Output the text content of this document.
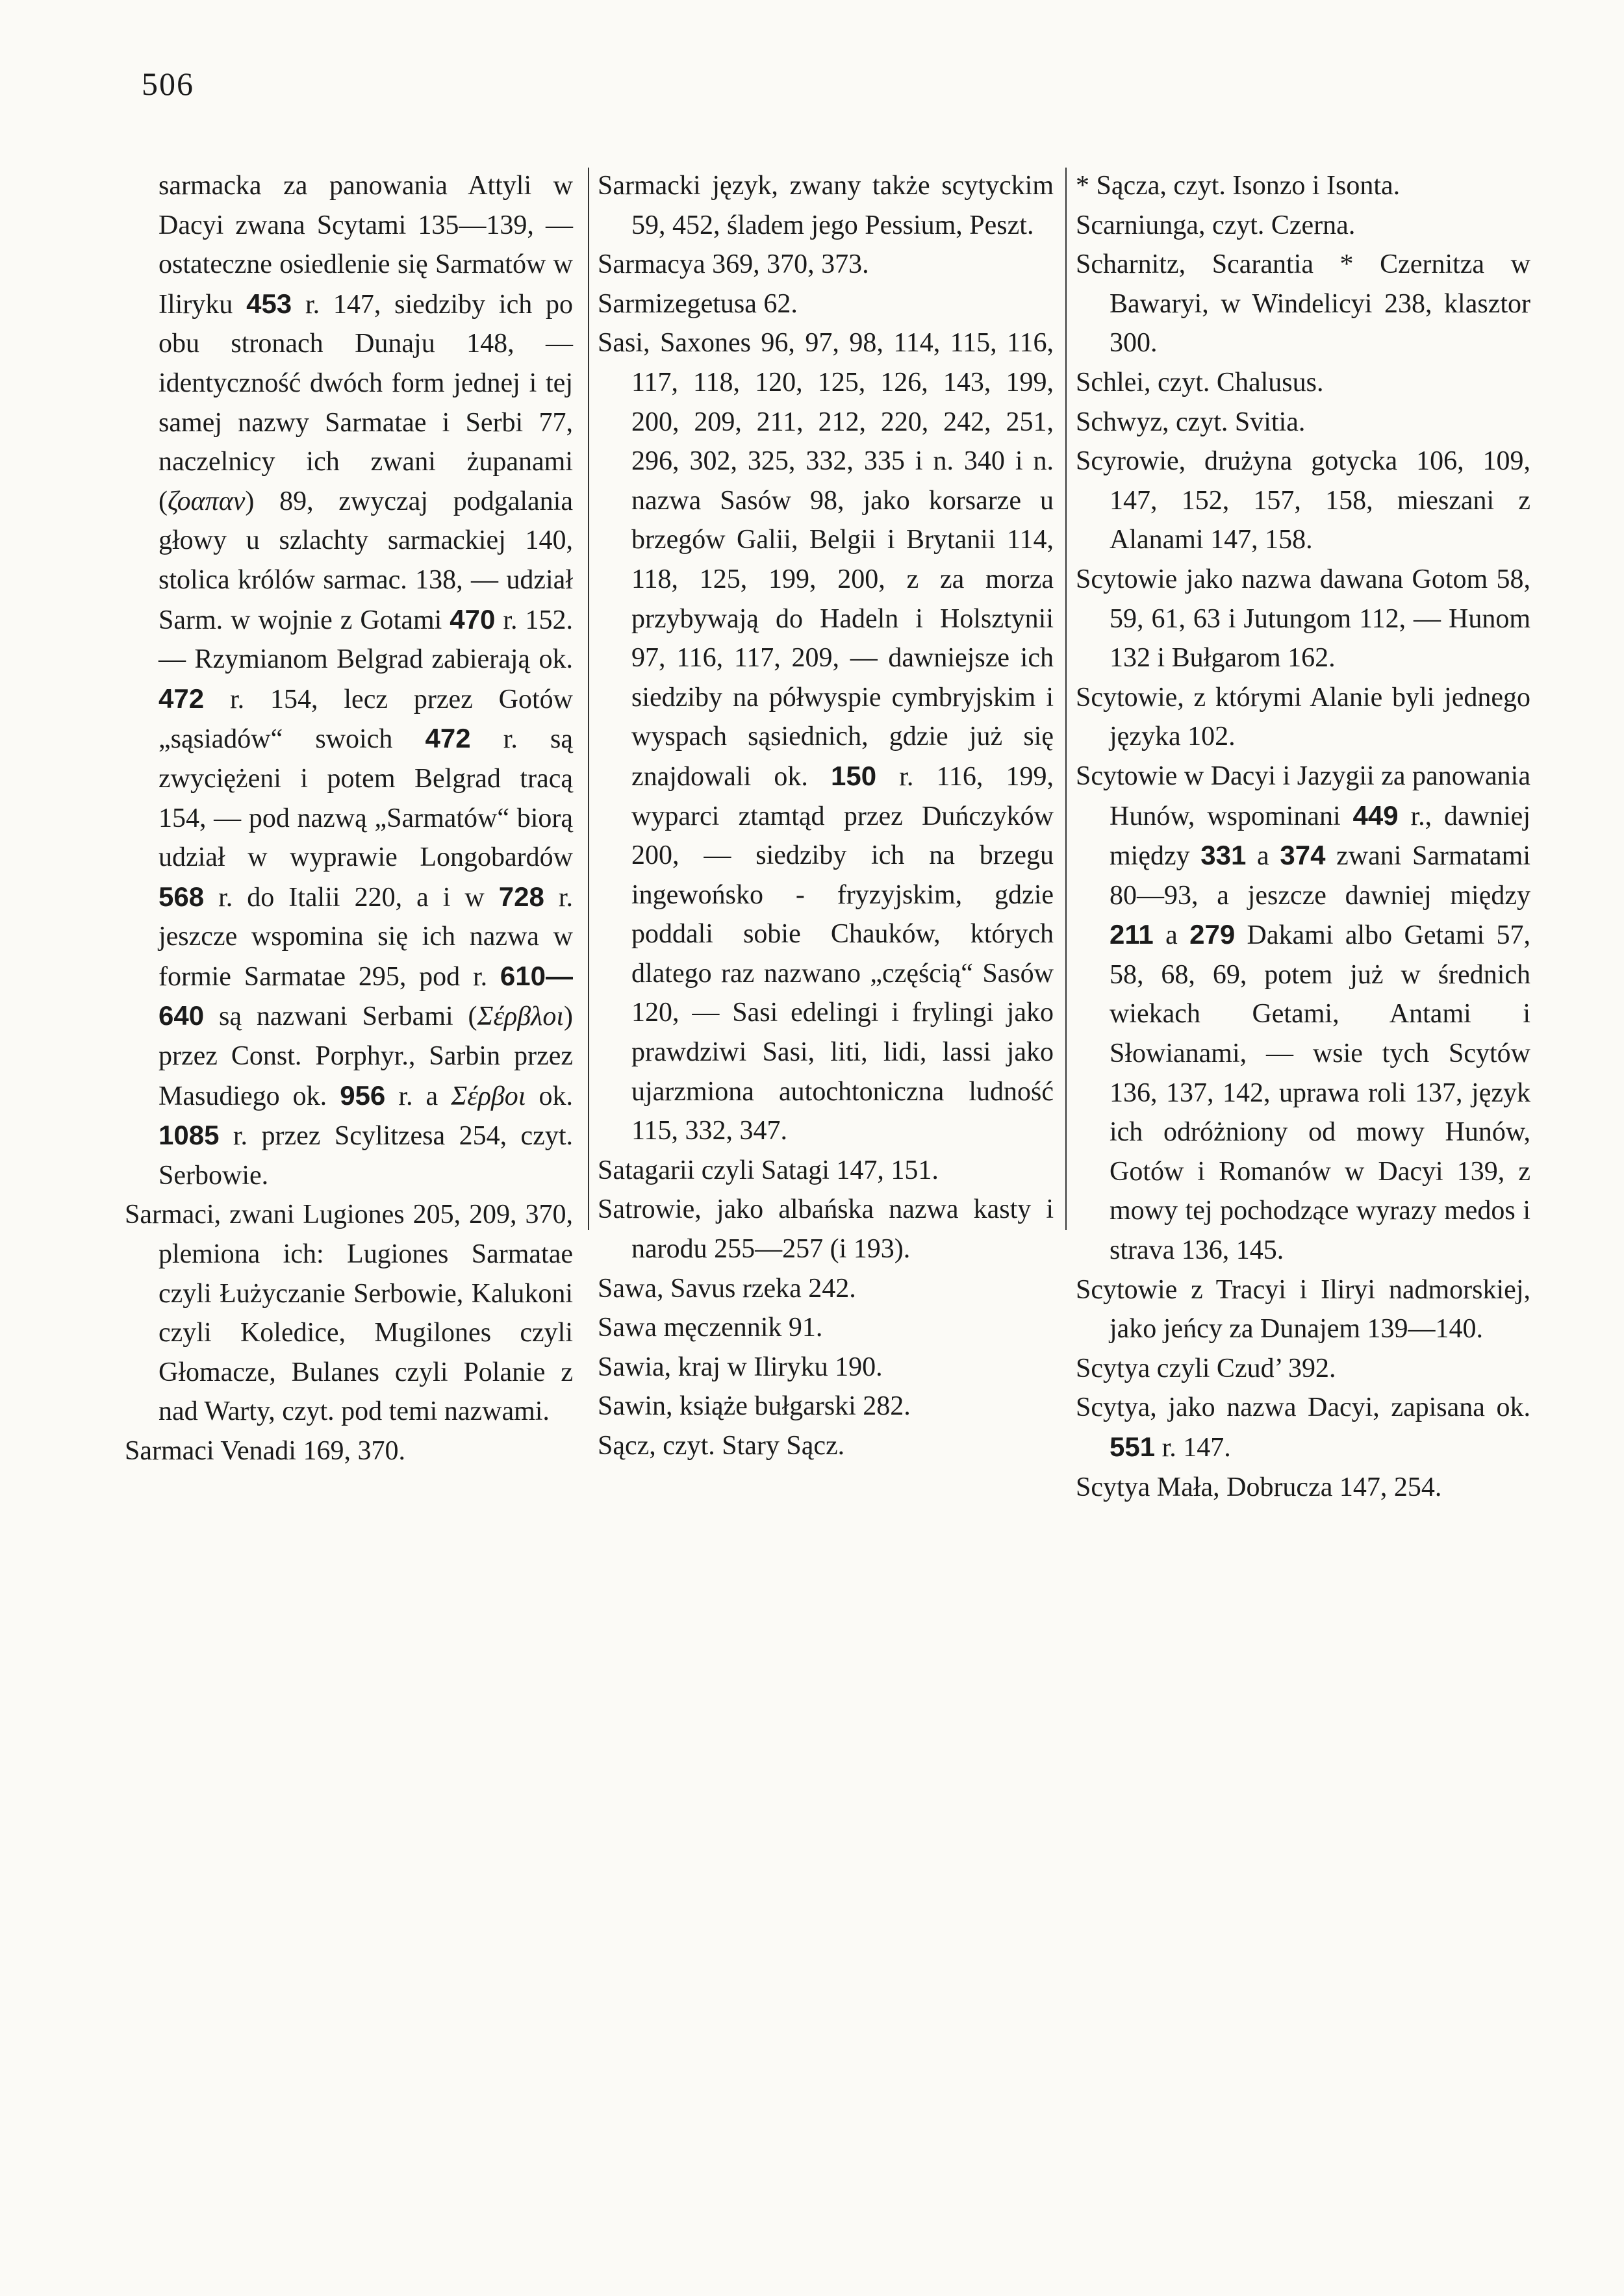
506

sarmacka za panowania Attyli w Dacyi zwana Scytami 135—139, — ostateczne osiedlenie się Sarmatów w Iliryku 453 r. 147, siedziby ich po obu stronach Dunaju 148, — identyczność dwóch form jednej i tej samej nazwy Sarmatae i Serbi 77, naczelnicy ich zwani żupanami (ζοαπαν) 89, zwyczaj podgalania głowy u szlachty sarmackiej 140, stolica królów sarmac. 138, — udział Sarm. w wojnie z Gotami 470 r. 152. — Rzymianom Belgrad zabierają ok. 472 r. 154, lecz przez Gotów „sąsiadów“ swoich 472 r. są zwyciężeni i potem Belgrad tracą 154, — pod nazwą „Sarmatów“ biorą udział w wyprawie Longobardów 568 r. do Italii 220, a i w 728 r. jeszcze wspomina się ich nazwa w formie Sarmatae 295, pod r. 610—640 są nazwani Serbami (Σέρβλοι) przez Const. Porphyr., Sarbin przez Masudiego ok. 956 r. a Σέρβοι ok. 1085 r. przez Scylitzesa 254, czyt. Serbowie.

Sarmaci, zwani Lugiones 205, 209, 370, plemiona ich: Lugiones Sarmatae czyli Łużyczanie Serbowie, Kalukoni czyli Koledice, Mugilones czyli Głomacze, Bulanes czyli Polanie z nad Warty, czyt. pod temi nazwami.

Sarmaci Venadi 169, 370.

Sarmacki język, zwany także scytyckim 59, 452, śladem jego Pessium, Peszt.

Sarmacya 369, 370, 373.

Sarmizegetusa 62.

Sasi, Saxones 96, 97, 98, 114, 115, 116, 117, 118, 120, 125, 126, 143, 199, 200, 209, 211, 212, 220, 242, 251, 296, 302, 325, 332, 335 i n. 340 i n. nazwa Sasów 98, jako korsarze u brzegów Galii, Belgii i Brytanii 114, 118, 125, 199, 200, z za morza przybywają do Hadeln i Holsztynii 97, 116, 117, 209, — dawniejsze ich siedziby na półwyspie cymbryjskim i wyspach sąsiednich, gdzie już się znajdowali ok. 150 r. 116, 199, wyparci ztamtąd przez Duńczyków 200, — siedziby ich na brzegu ingewońsko - fryzyjskim, gdzie poddali sobie Chauków, których dlatego raz nazwano „częścią“ Sasów 120, — Sasi edelingi i frylingi jako prawdziwi Sasi, liti, lidi, lassi jako ujarzmiona autochtoniczna ludność 115, 332, 347.

Satagarii czyli Satagi 147, 151.

Satrowie, jako albańska nazwa kasty i narodu 255—257 (i 193).

Sawa, Savus rzeka 242.

Sawa męczennik 91.

Sawia, kraj w Iliryku 190.

Sawin, książe bułgarski 282.

Sącz, czyt. Stary Sącz.

* Sącza, czyt. Isonzo i Isonta.

Scarniunga, czyt. Czerna.

Scharnitz, Scarantia * Czernitza w Bawaryi, w Windelicyi 238, klasztor 300.

Schlei, czyt. Chalusus.

Schwyz, czyt. Svitia.

Scyrowie, drużyna gotycka 106, 109, 147, 152, 157, 158, mieszani z Alanami 147, 158.

Scytowie jako nazwa dawana Gotom 58, 59, 61, 63 i Jutungom 112, — Hunom 132 i Bułgarom 162.

Scytowie, z którymi Alanie byli jednego języka 102.

Scytowie w Dacyi i Jazygii za panowania Hunów, wspominani 449 r., dawniej między 331 a 374 zwani Sarmatami 80—93, a jeszcze dawniej między 211 a 279 Dakami albo Getami 57, 58, 68, 69, potem już w średnich wiekach Getami, Antami i Słowianami, — wsie tych Scytów 136, 137, 142, uprawa roli 137, język ich odróżniony od mowy Hunów, Gotów i Romanów w Dacyi 139, z mowy tej pochodzące wyrazy medos i strava 136, 145.

Scytowie z Tracyi i Iliryi nadmorskiej, jako jeńcy za Dunajem 139—140.

Scytya czyli Czud’ 392.

Scytya, jako nazwa Dacyi, zapisana ok. 551 r. 147.

Scytya Mała, Dobrucza 147, 254.
